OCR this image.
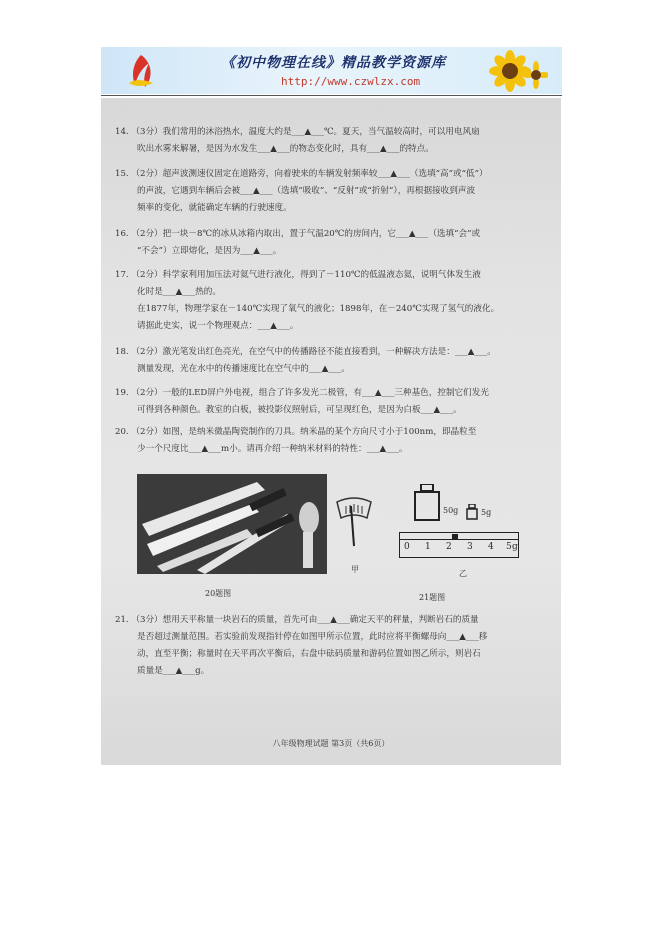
《初中物理在线》精品教学资源库
http://www.czwlzx.com
14. （3分）我们常用的沐浴热水，温度大约是___▲___℃。夏天，当气温较高时，可以用电风扇
吹出水雾来解暑，是因为水发生___▲___的物态变化时，具有___▲___的特点。
15. （2分）超声波测速仪固定在道路旁，向着驶来的车辆发射频率较___▲___（选填“高”或“低”）
的声波，它遇到车辆后会被___▲___（选填“吸收”、“反射”或“折射”），再根据接收到声波
频率的变化，就能确定车辆的行驶速度。
16. （2分）把一块－8℃的冰从冰箱内取出，置于气温20℃的房间内，它___▲___（选填“会”或
“不会”）立即熔化，是因为___▲___。
17. （2分）科学家利用加压法对氦气进行液化，得到了－110℃的低温液态氦，说明气体发生液
化时是___▲___热的。
在1877年，物理学家在－140℃实现了氧气的液化；1898年，在－240℃实现了氢气的液化。
请据此史实，说一个物理观点：___▲___。
18. （2分）激光笔发出红色亮光，在空气中的传播路径不能直接看到，一种解决方法是：___▲___。
测量发现，光在水中的传播速度比在空气中的___▲___。
19. （2分）一般的LED屏户外电视，组合了许多发光二极管，有___▲___三种基色，控制它们发光
可得到各种颜色。教室的白板，被投影仪照射后，可呈现红色，是因为白板___▲___。
20. （2分）如图，是纳米微晶陶瓷制作的刀具。纳米晶的某个方向尺寸小于100nm，即晶粒至
少一个尺度比___▲___m小。请再介绍一种纳米材料的特性：___▲___。
20题图
甲
50g	5g
0 1 2 3 4 5 g
乙
21题图
21. （3分）想用天平称量一块岩石的质量，首先可由___▲___确定天平的秤量，判断岩石的质量
是否超过测量范围。若实验前发现指针停在如图甲所示位置，此时应将平衡螺母向___▲___移
动，直至平衡；称量时在天平再次平衡后，右盘中砝码质量和游码位置如图乙所示，则岩石
质量是___▲___g。
八年级物理试题 第3页（共6页）
